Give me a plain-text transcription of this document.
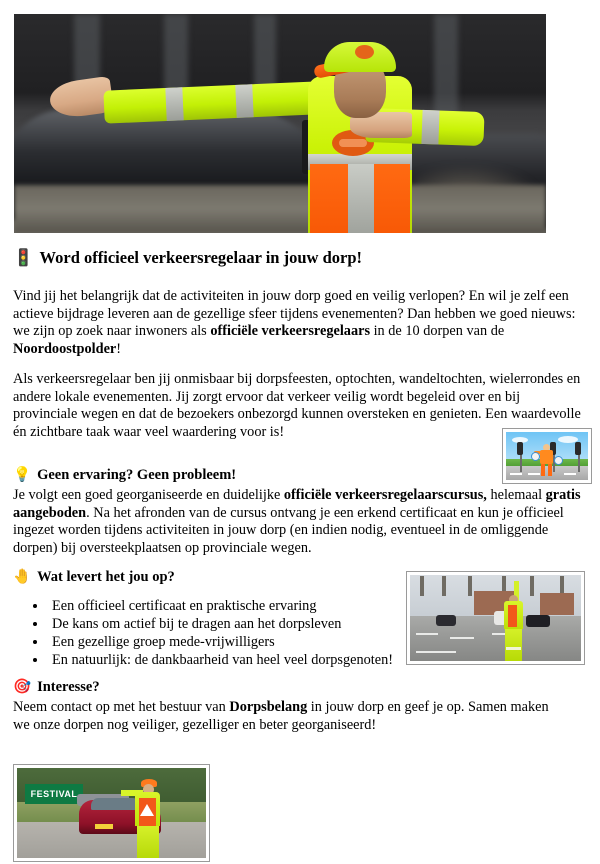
🚦 Word officieel verkeersregelaar in jouw dorp!
Vind jij het belangrijk dat de activiteiten in jouw dorp goed en veilig verlopen? En wil je zelf een actieve bijdrage leveren aan de gezellige sfeer tijdens evenementen? Dan hebben we goed nieuws: we zijn op zoek naar inwoners als officiële verkeersregelaars in de 10 dorpen van de Noordoostpolder!
Als verkeersregelaar ben jij onmisbaar bij dorpsfeesten, optochten, wandeltochten, wielerrondes en andere lokale evenementen. Jij zorgt ervoor dat verkeer veilig wordt begeleid over en bij provinciale wegen en dat de bezoekers onbezorgd kunnen oversteken en genieten. Een waardevolle én zichtbare taak waar veel waardering voor is!
💡 Geen ervaring? Geen probleem!
Je volgt een goed georganiseerde en duidelijke officiële verkeersregelaarscursus, helemaal gratis aangeboden. Na het afronden van de cursus ontvang je een erkend certificaat en kun je officieel ingezet worden tijdens activiteiten in jouw dorp (en indien nodig, eventueel in de omliggende dorpen) bij oversteekplaatsen op provinciale wegen.
🤚 Wat levert het jou op?
• Een officieel certificaat en praktische ervaring
• De kans om actief bij te dragen aan het dorpsleven
• Een gezellige groep mede-vrijwilligers
• En natuurlijk: de dankbaarheid van heel veel dorpsgenoten!
🎯 Interesse?
Neem contact op met het bestuur van Dorpsbelang in jouw dorp en geef je op. Samen maken we onze dorpen nog veiliger, gezelliger en beter georganiseerd!
FESTIVAL
